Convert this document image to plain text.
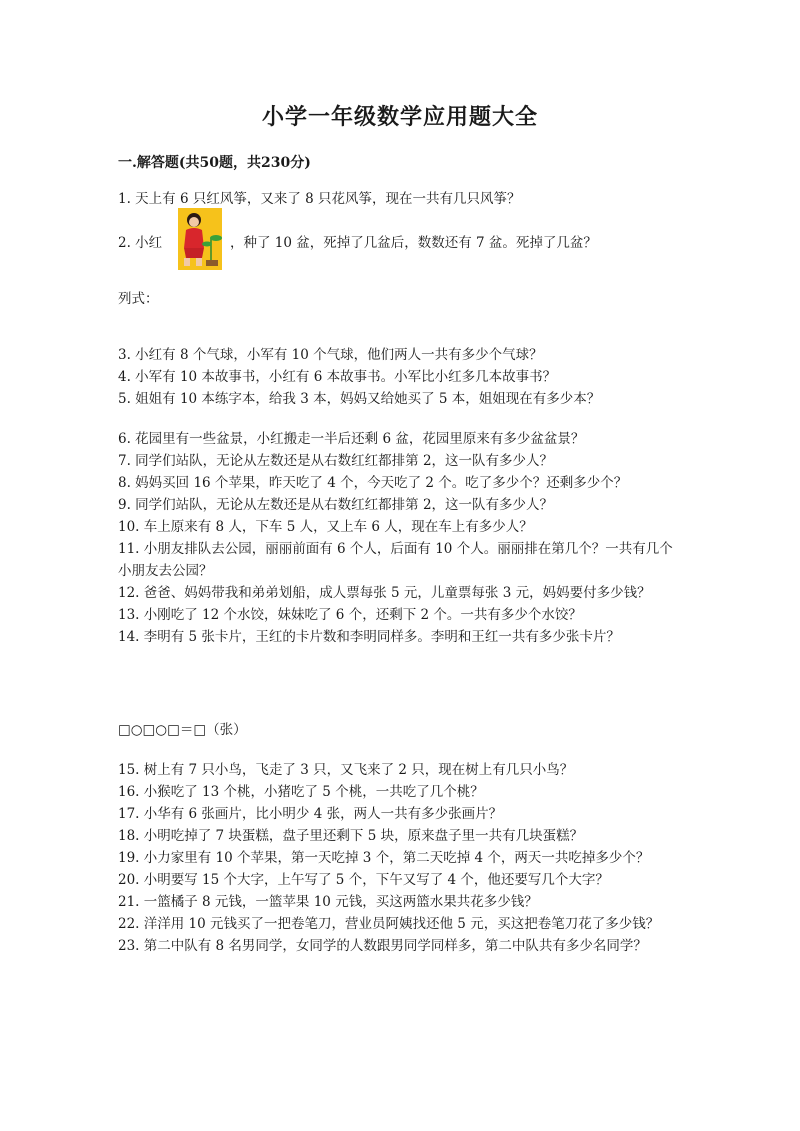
小学一年级数学应用题大全
一.解答题(共50题，共230分)
1. 天上有 6 只红风筝，又来了 8 只花风筝，现在一共有几只风筝？
2. 小红	，种了 10 盆，死掉了几盆后，数数还有 7 盆。死掉了几盆？
列式：
3. 小红有 8 个气球，小军有 10 个气球，他们两人一共有多少个气球？
4. 小军有 10 本故事书，小红有 6 本故事书。小军比小红多几本故事书？
5. 姐姐有 10 本练字本，给我 3 本，妈妈又给她买了 5 本，姐姐现在有多少本？
6. 花园里有一些盆景，小红搬走一半后还剩 6 盆，花园里原来有多少盆盆景？
7. 同学们站队，无论从左数还是从右数红红都排第 2，这一队有多少人？
8. 妈妈买回 16 个苹果，昨天吃了 4 个，今天吃了 2 个。吃了多少个？还剩多少个？
9. 同学们站队，无论从左数还是从右数红红都排第 2，这一队有多少人？
10. 车上原来有 8 人，下车 5 人，又上车 6 人，现在车上有多少人？
11. 小朋友排队去公园，丽丽前面有 6 个人，后面有 10 个人。丽丽排在第几个？一共有几个小朋友去公园？
12. 爸爸、妈妈带我和弟弟划船，成人票每张 5 元，儿童票每张 3 元，妈妈要付多少钱？
13. 小刚吃了 12 个水饺，妹妹吃了 6 个，还剩下 2 个。一共有多少个水饺？
14. 李明有 5 张卡片，王红的卡片数和李明同样多。李明和王红一共有多少张卡片？
□○□○□＝□（张）
15. 树上有 7 只小鸟，飞走了 3 只，又飞来了 2 只，现在树上有几只小鸟？
16. 小猴吃了 13 个桃，小猪吃了 5 个桃，一共吃了几个桃？
17. 小华有 6 张画片，比小明少 4 张，两人一共有多少张画片？
18. 小明吃掉了 7 块蛋糕，盘子里还剩下 5 块，原来盘子里一共有几块蛋糕？
19. 小力家里有 10 个苹果，第一天吃掉 3 个，第二天吃掉 4 个，两天一共吃掉多少个？
20. 小明要写 15 个大字，上午写了 5 个，下午又写了 4 个，他还要写几个大字？
21. 一篮橘子 8 元钱，一篮苹果 10 元钱，买这两篮水果共花多少钱？
22. 洋洋用 10 元钱买了一把卷笔刀，营业员阿姨找还他 5 元，买这把卷笔刀花了多少钱？
23. 第二中队有 8 名男同学，女同学的人数跟男同学同样多，第二中队共有多少名同学？
